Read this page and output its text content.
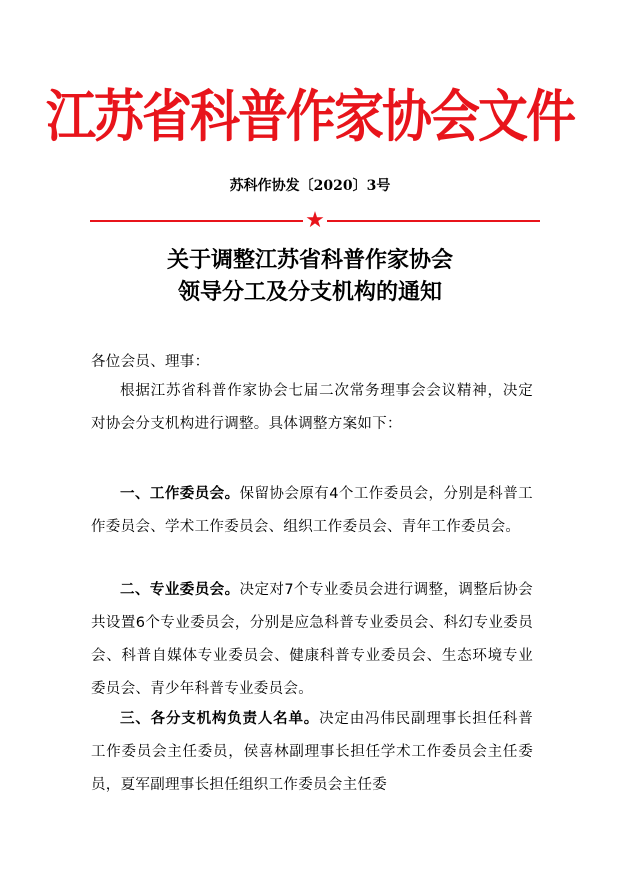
江苏省科普作家协会文件
苏科作协发〔2020〕3号
★
关于调整江苏省科普作家协会
领导分工及分支机构的通知
各位会员、理事：
根据江苏省科普作家协会七届二次常务理事会会议精神，决定对协会分支机构进行调整。具体调整方案如下：
一、工作委员会。保留协会原有4个工作委员会，分别是科普工作委员会、学术工作委员会、组织工作委员会、青年工作委员会。
二、专业委员会。决定对7个专业委员会进行调整，调整后协会共设置6个专业委员会，分别是应急科普专业委员会、科幻专业委员会、科普自媒体专业委员会、健康科普专业委员会、生态环境专业委员会、青少年科普专业委员会。
三、各分支机构负责人名单。决定由冯伟民副理事长担任科普工作委员会主任委员，侯喜林副理事长担任学术工作委员会主任委员，夏军副理事长担任组织工作委员会主任委
